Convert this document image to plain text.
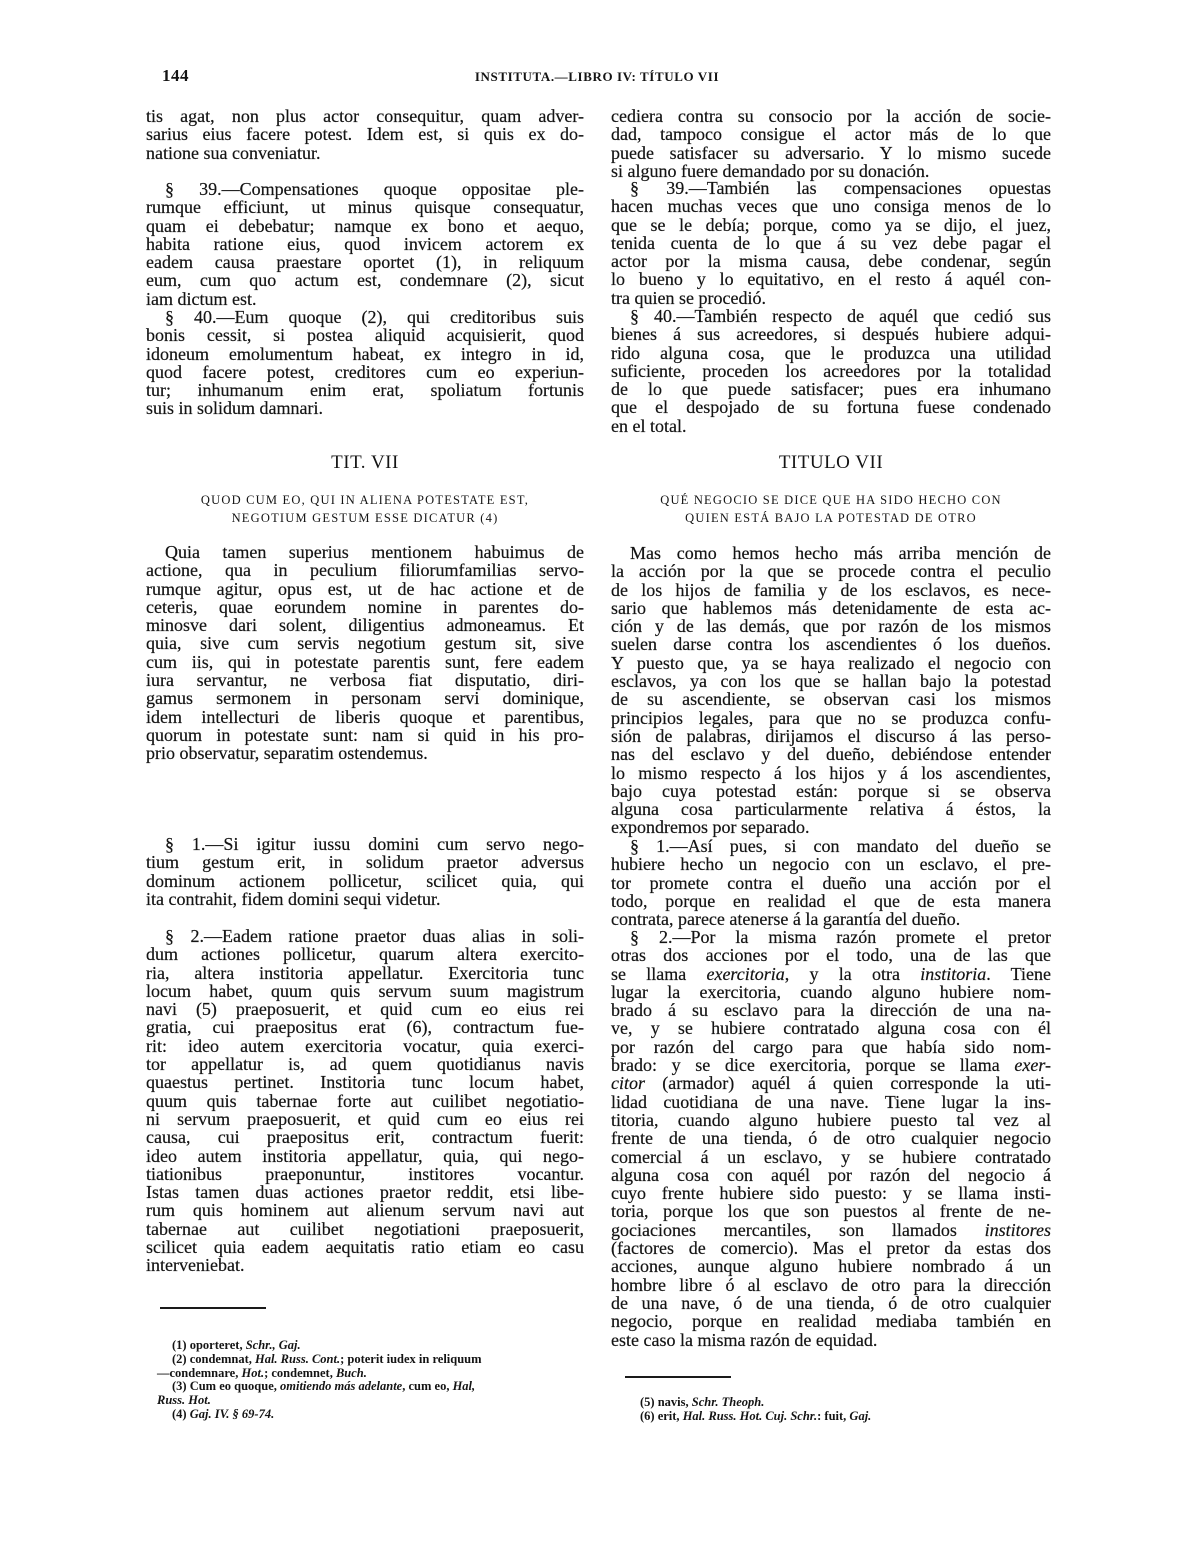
144	INSTITUTA.—LIBRO IV: TÍTULO VII
tis agat, non plus actor consequitur, quam adver-
sarius eius facere potest. Idem est, si quis ex do-
natione sua conveniatur.
§ 39.—Compensationes quoque oppositae ple-
rumque efficiunt, ut minus quisque consequatur,
quam ei debebatur; namque ex bono et aequo,
habita ratione eius, quod invicem actorem ex
eadem causa praestare oportet (1), in reliquum
eum, cum quo actum est, condemnare (2), sicut
iam dictum est.
§ 40.—Eum quoque (2), qui creditoribus suis
bonis cessit, si postea aliquid acquisierit, quod
idoneum emolumentum habeat, ex integro in id,
quod facere potest, creditores cum eo experiun-
tur; inhumanum enim erat, spoliatum fortunis
suis in solidum damnari.
TIT. VII
QUOD CUM EO, QUI IN ALIENA POTESTATE EST,
NEGOTIUM GESTUM ESSE DICATUR (4)
Quia tamen superius mentionem habuimus de
actione, qua in peculium filiorumfamilias servo-
rumque agitur, opus est, ut de hac actione et de
ceteris, quae eorundem nomine in parentes do-
minosve dari solent, diligentius admoneamus. Et
quia, sive cum servis negotium gestum sit, sive
cum iis, qui in potestate parentis sunt, fere eadem
iura servantur, ne verbosa fiat disputatio, diri-
gamus sermonem in personam servi dominique,
idem intellecturi de liberis quoque et parentibus,
quorum in potestate sunt: nam si quid in his pro-
prio observatur, separatim ostendemus.
§ 1.—Si igitur iussu domini cum servo nego-
tium gestum erit, in solidum praetor adversus
dominum actionem pollicetur, scilicet quia, qui
ita contrahit, fidem domini sequi videtur.
§ 2.—Eadem ratione praetor duas alias in soli-
dum actiones pollicetur, quarum altera exercito-
ria, altera institoria appellatur. Exercitoria tunc
locum habet, quum quis servum suum magistrum
navi (5) praeposuerit, et quid cum eo eius rei
gratia, cui praepositus erat (6), contractum fue-
rit: ideo autem exercitoria vocatur, quia exerci-
tor appellatur is, ad quem quotidianus navis
quaestus pertinet. Institoria tunc locum habet,
quum quis tabernae forte aut cuilibet negotiatio-
ni servum praeposuerit, et quid cum eo eius rei
causa, cui praepositus erit, contractum fuerit:
ideo autem institoria appellatur, quia, qui nego-
tiationibus praeponuntur, institores vocantur.
Istas tamen duas actiones praetor reddit, etsi libe-
rum quis hominem aut alienum servum navi aut
tabernae aut cuilibet negotiationi praeposuerit,
scilicet quia eadem aequitatis ratio etiam eo casu
interveniebat.
(1) oporteret, Schr., Gaj.
(2) condemnat, Hal. Russ. Cont.; poterit iudex in reliquum
—condemnare, Hot.; condemnet, Buch.
(3) Cum eo quoque, omitiendo más adelante, cum eo, Hal,
Russ. Hot.
(4) Gaj. IV. § 69-74.
cediera contra su consocio por la acción de socie-
dad, tampoco consigue el actor más de lo que
puede satisfacer su adversario. Y lo mismo sucede
si alguno fuere demandado por su donación.
§ 39.—También las compensaciones opuestas
hacen muchas veces que uno consiga menos de lo
que se le debía; porque, como ya se dijo, el juez,
tenida cuenta de lo que á su vez debe pagar el
actor por la misma causa, debe condenar, según
lo bueno y lo equitativo, en el resto á aquél con-
tra quien se procedió.
§ 40.—También respecto de aquél que cedió sus
bienes á sus acreedores, si después hubiere adqui-
rido alguna cosa, que le produzca una utilidad
suficiente, proceden los acreedores por la totalidad
de lo que puede satisfacer; pues era inhumano
que el despojado de su fortuna fuese condenado
en el total.
TITULO VII
QUÉ NEGOCIO SE DICE QUE HA SIDO HECHO CON
QUIEN ESTÁ BAJO LA POTESTAD DE OTRO
Mas como hemos hecho más arriba mención de
la acción por la que se procede contra el peculio
de los hijos de familia y de los esclavos, es nece-
sario que hablemos más detenidamente de esta ac-
ción y de las demás, que por razón de los mismos
suelen darse contra los ascendientes ó los dueños.
Y puesto que, ya se haya realizado el negocio con
esclavos, ya con los que se hallan bajo la potestad
de su ascendiente, se observan casi los mismos
principios legales, para que no se produzca confu-
sión de palabras, dirijamos el discurso á las perso-
nas del esclavo y del dueño, debiéndose entender
lo mismo respecto á los hijos y á los ascendientes,
bajo cuya potestad están: porque si se observa
alguna cosa particularmente relativa á éstos, la
expondremos por separado.
§ 1.—Así pues, si con mandato del dueño se
hubiere hecho un negocio con un esclavo, el pre-
tor promete contra el dueño una acción por el
todo, porque en realidad el que de esta manera
contrata, parece atenerse á la garantía del dueño.
§ 2.—Por la misma razón promete el pretor
otras dos acciones por el todo, una de las que
se llama exercitoria, y la otra institoria. Tiene
lugar la exercitoria, cuando alguno hubiere nom-
brado á su esclavo para la dirección de una na-
ve, y se hubiere contratado alguna cosa con él
por razón del cargo para que había sido nom-
brado: y se dice exercitoria, porque se llama exer-
citor (armador) aquél á quien corresponde la uti-
lidad cuotidiana de una nave. Tiene lugar la ins-
titoria, cuando alguno hubiere puesto tal vez al
frente de una tienda, ó de otro cualquier negocio
comercial á un esclavo, y se hubiere contratado
alguna cosa con aquél por razón del negocio á
cuyo frente hubiere sido puesto: y se llama insti-
toria, porque los que son puestos al frente de ne-
gociaciones mercantiles, son llamados institores
(factores de comercio). Mas el pretor da estas dos
acciones, aunque alguno hubiere nombrado á un
hombre libre ó al esclavo de otro para la dirección
de una nave, ó de una tienda, ó de otro cualquier
negocio, porque en realidad mediaba también en
este caso la misma razón de equidad.
(5) navis, Schr. Theoph.
(6) erit, Hal. Russ. Hot. Cuj. Schr.: fuit, Gaj.
